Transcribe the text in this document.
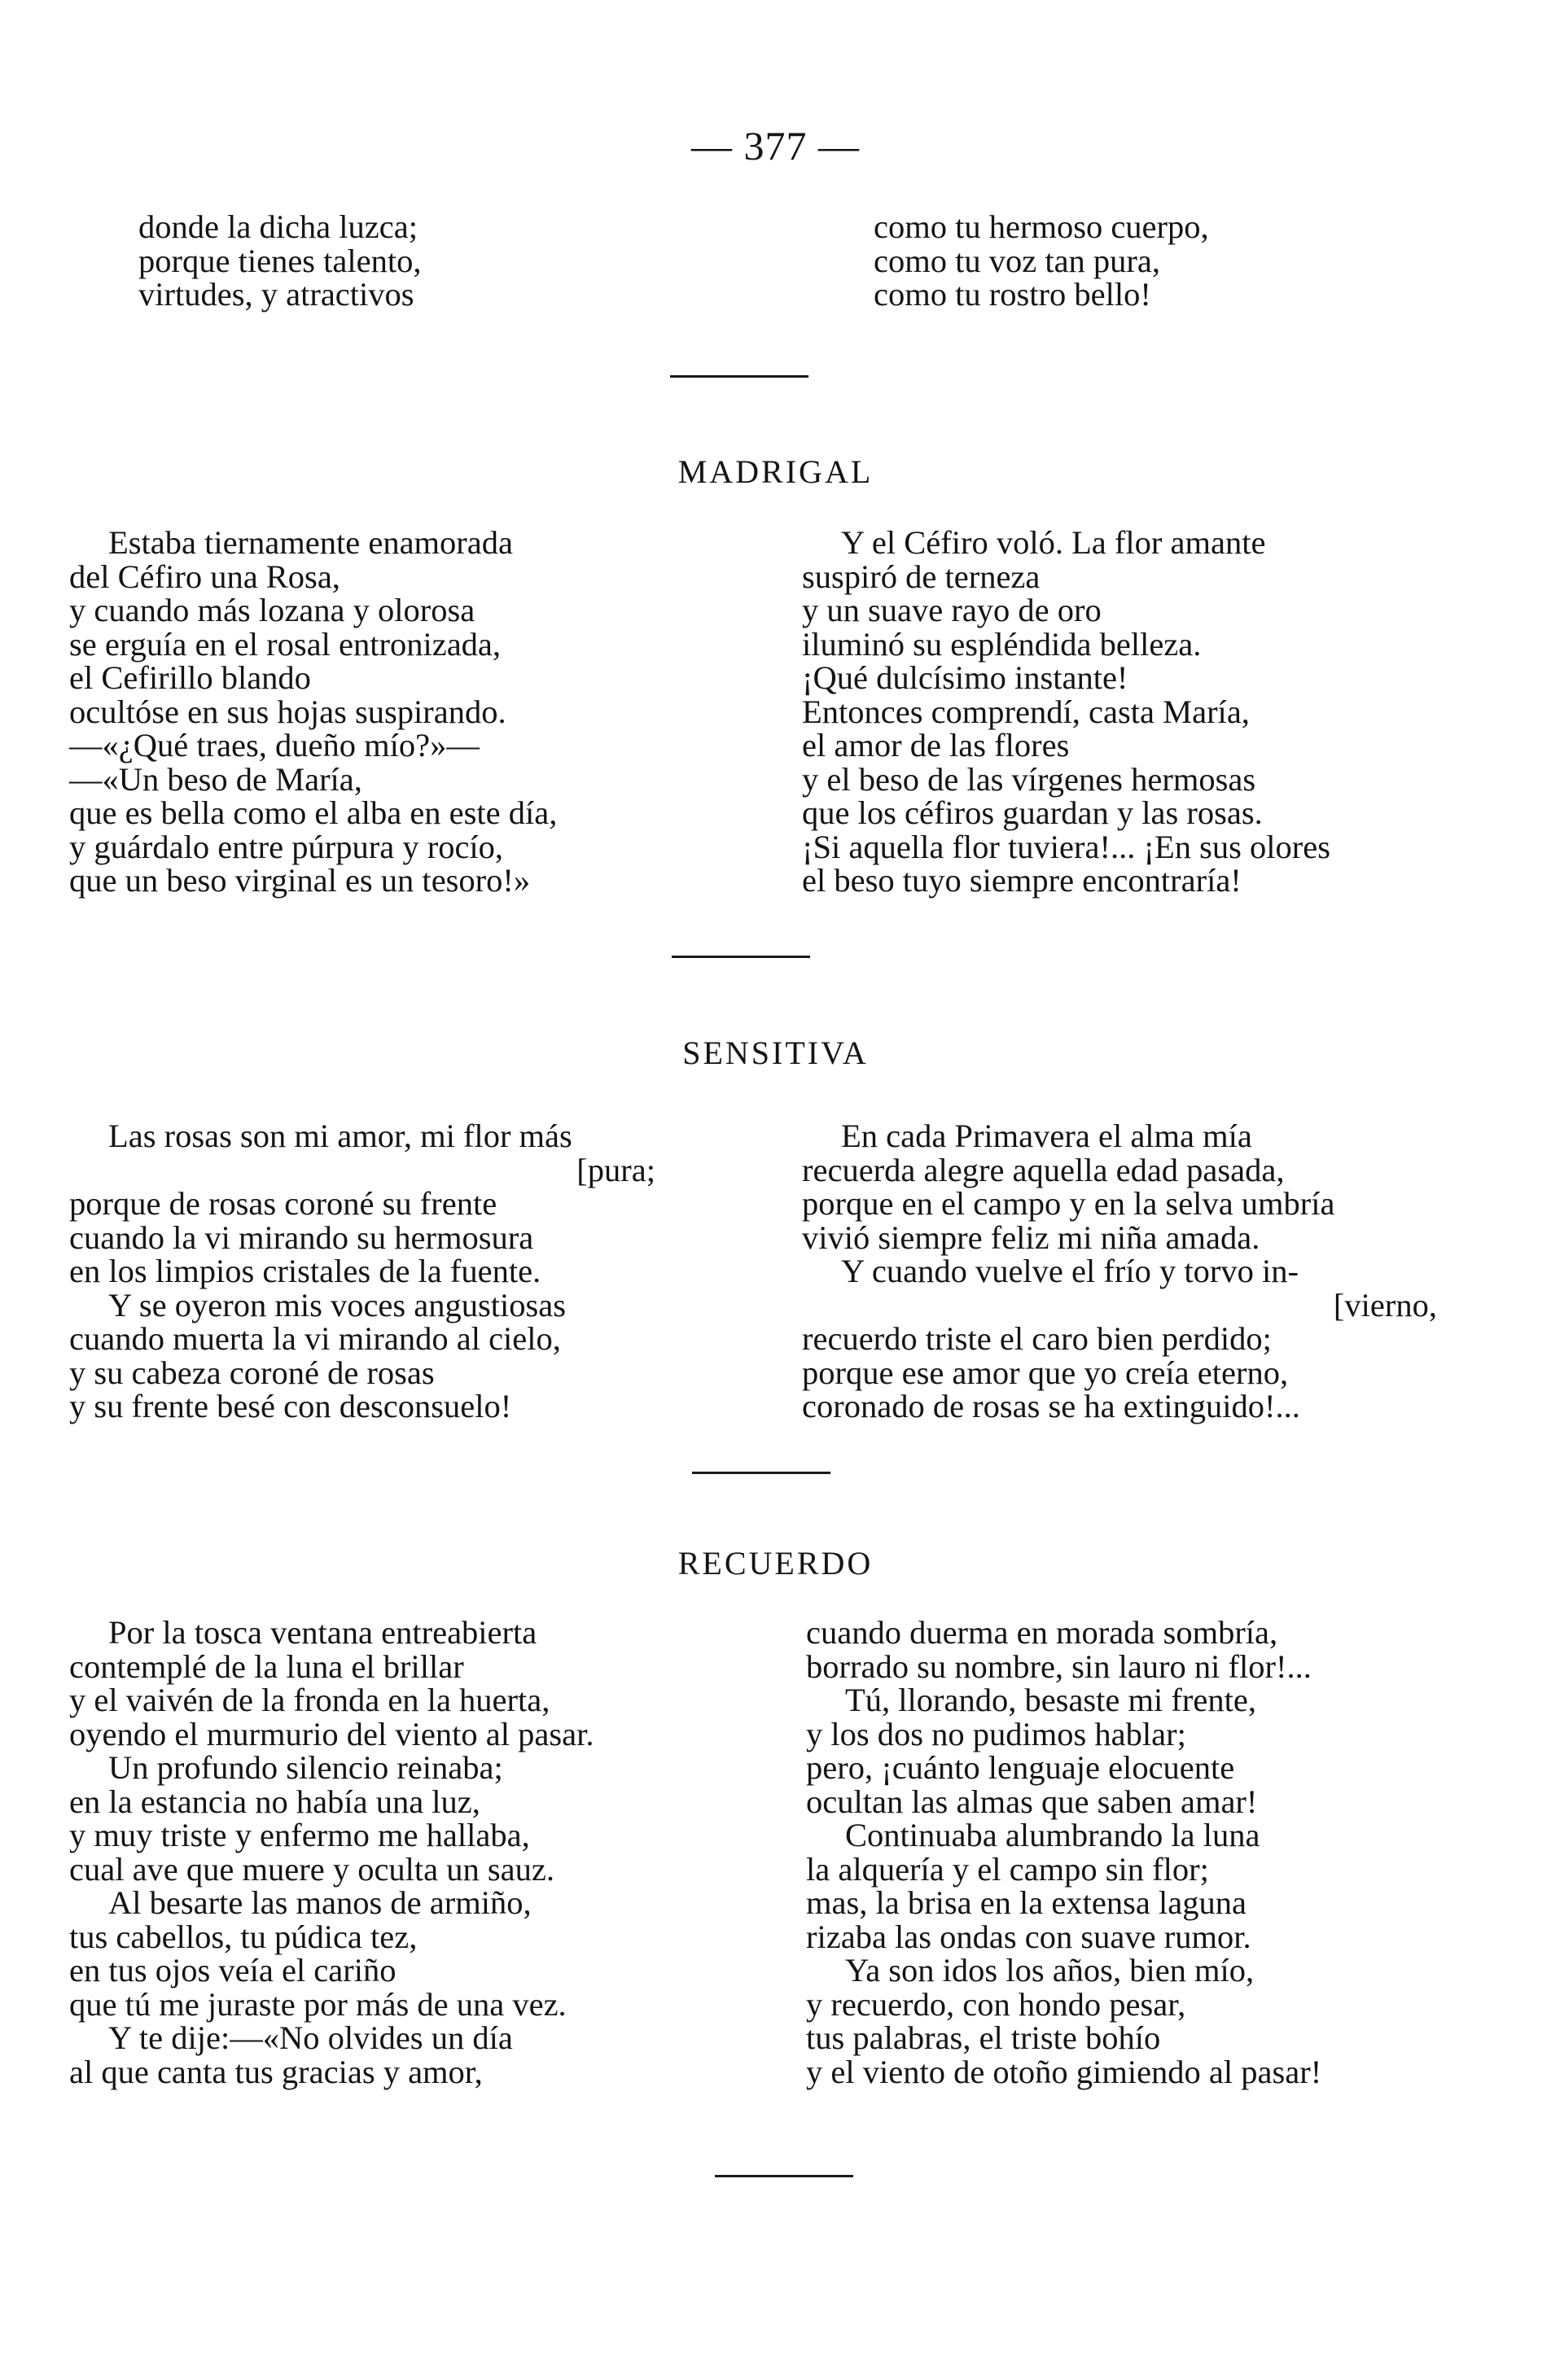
— 377 —
donde la dicha luzca;
porque tienes talento,
virtudes, y atractivos
como tu hermoso cuerpo,
como tu voz tan pura,
como tu rostro bello!
MADRIGAL
Estaba tiernamente enamorada
del Céfiro una Rosa,
y cuando más lozana y olorosa
se erguía en el rosal entronizada,
el Cefirillo blando
ocultóse en sus hojas suspirando.
—«¿Qué traes, dueño mío?»—
—«Un beso de María,
que es bella como el alba en este día,
y guárdalo entre púrpura y rocío,
que un beso virginal es un tesoro!»
Y el Céfiro voló. La flor amante
suspiró de terneza
y un suave rayo de oro
iluminó su espléndida belleza.
¡Qué dulcísimo instante!
Entonces comprendí, casta María,
el amor de las flores
y el beso de las vírgenes hermosas
que los céfiros guardan y las rosas.
¡Si aquella flor tuviera!... ¡En sus olores
el beso tuyo siempre encontraría!
SENSITIVA
Las rosas son mi amor, mi flor más
[pura;
porque de rosas coroné su frente
cuando la vi mirando su hermosura
en los limpios cristales de la fuente.
Y se oyeron mis voces angustiosas
cuando muerta la vi mirando al cielo,
y su cabeza coroné de rosas
y su frente besé con desconsuelo!
En cada Primavera el alma mía
recuerda alegre aquella edad pasada,
porque en el campo y en la selva umbría
vivió siempre feliz mi niña amada.
Y cuando vuelve el frío y torvo in-
[vierno,
recuerdo triste el caro bien perdido;
porque ese amor que yo creía eterno,
coronado de rosas se ha extinguido!...
RECUERDO
Por la tosca ventana entreabierta
contemplé de la luna el brillar
y el vaivén de la fronda en la huerta,
oyendo el murmurio del viento al pasar.
Un profundo silencio reinaba;
en la estancia no había una luz,
y muy triste y enfermo me hallaba,
cual ave que muere y oculta un sauz.
Al besarte las manos de armiño,
tus cabellos, tu púdica tez,
en tus ojos veía el cariño
que tú me juraste por más de una vez.
Y te dije:—«No olvides un día
al que canta tus gracias y amor,
cuando duerma en morada sombría,
borrado su nombre, sin lauro ni flor!...
Tú, llorando, besaste mi frente,
y los dos no pudimos hablar;
pero, ¡cuánto lenguaje elocuente
ocultan las almas que saben amar!
Continuaba alumbrando la luna
la alquería y el campo sin flor;
mas, la brisa en la extensa laguna
rizaba las ondas con suave rumor.
Ya son idos los años, bien mío,
y recuerdo, con hondo pesar,
tus palabras, el triste bohío
y el viento de otoño gimiendo al pasar!
